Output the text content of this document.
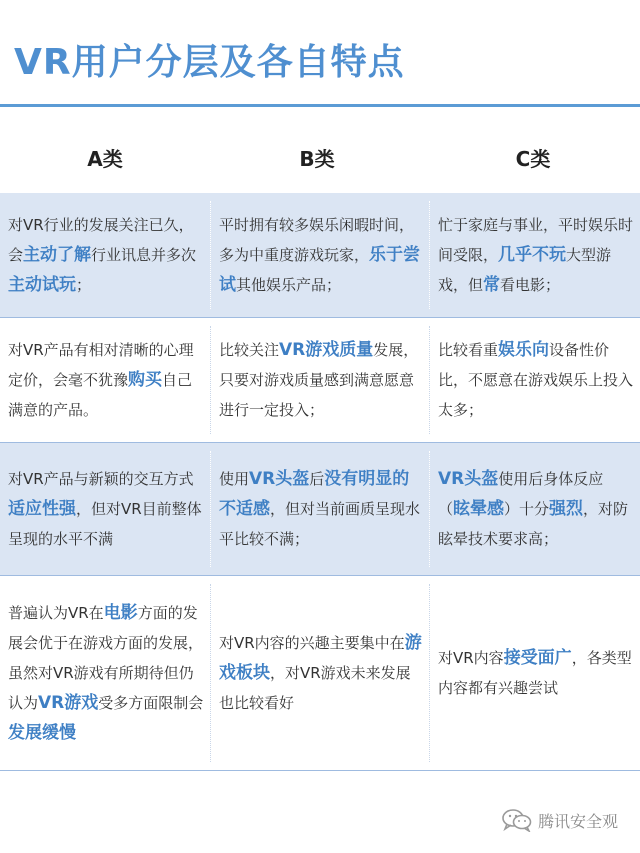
VR用户分层及各自特点
A类	B类	C类
对VR行业的发展关注已久，会主动了解行业讯息并多次主动试玩；
平时拥有较多娱乐闲暇时间，多为中重度游戏玩家，乐于尝试其他娱乐产品；
忙于家庭与事业，平时娱乐时间受限，几乎不玩大型游戏，但常看电影；
对VR产品有相对清晰的心理定价，会毫不犹豫购买自己满意的产品。
比较关注VR游戏质量发展，只要对游戏质量感到满意愿意进行一定投入；
比较看重娱乐向设备性价比，不愿意在游戏娱乐上投入太多；
对VR产品与新颖的交互方式适应性强，但对VR目前整体呈现的水平不满
使用VR头盔后没有明显的不适感，但对当前画质呈现水平比较不满；
VR头盔使用后身体反应（眩晕感）十分强烈，对防眩晕技术要求高；
普遍认为VR在电影方面的发展会优于在游戏方面的发展，虽然对VR游戏有所期待但仍认为VR游戏受多方面限制会发展缓慢
对VR内容的兴趣主要集中在游戏板块，对VR游戏未来发展也比较看好
对VR内容接受面广，各类型内容都有兴趣尝试
腾讯安全观
